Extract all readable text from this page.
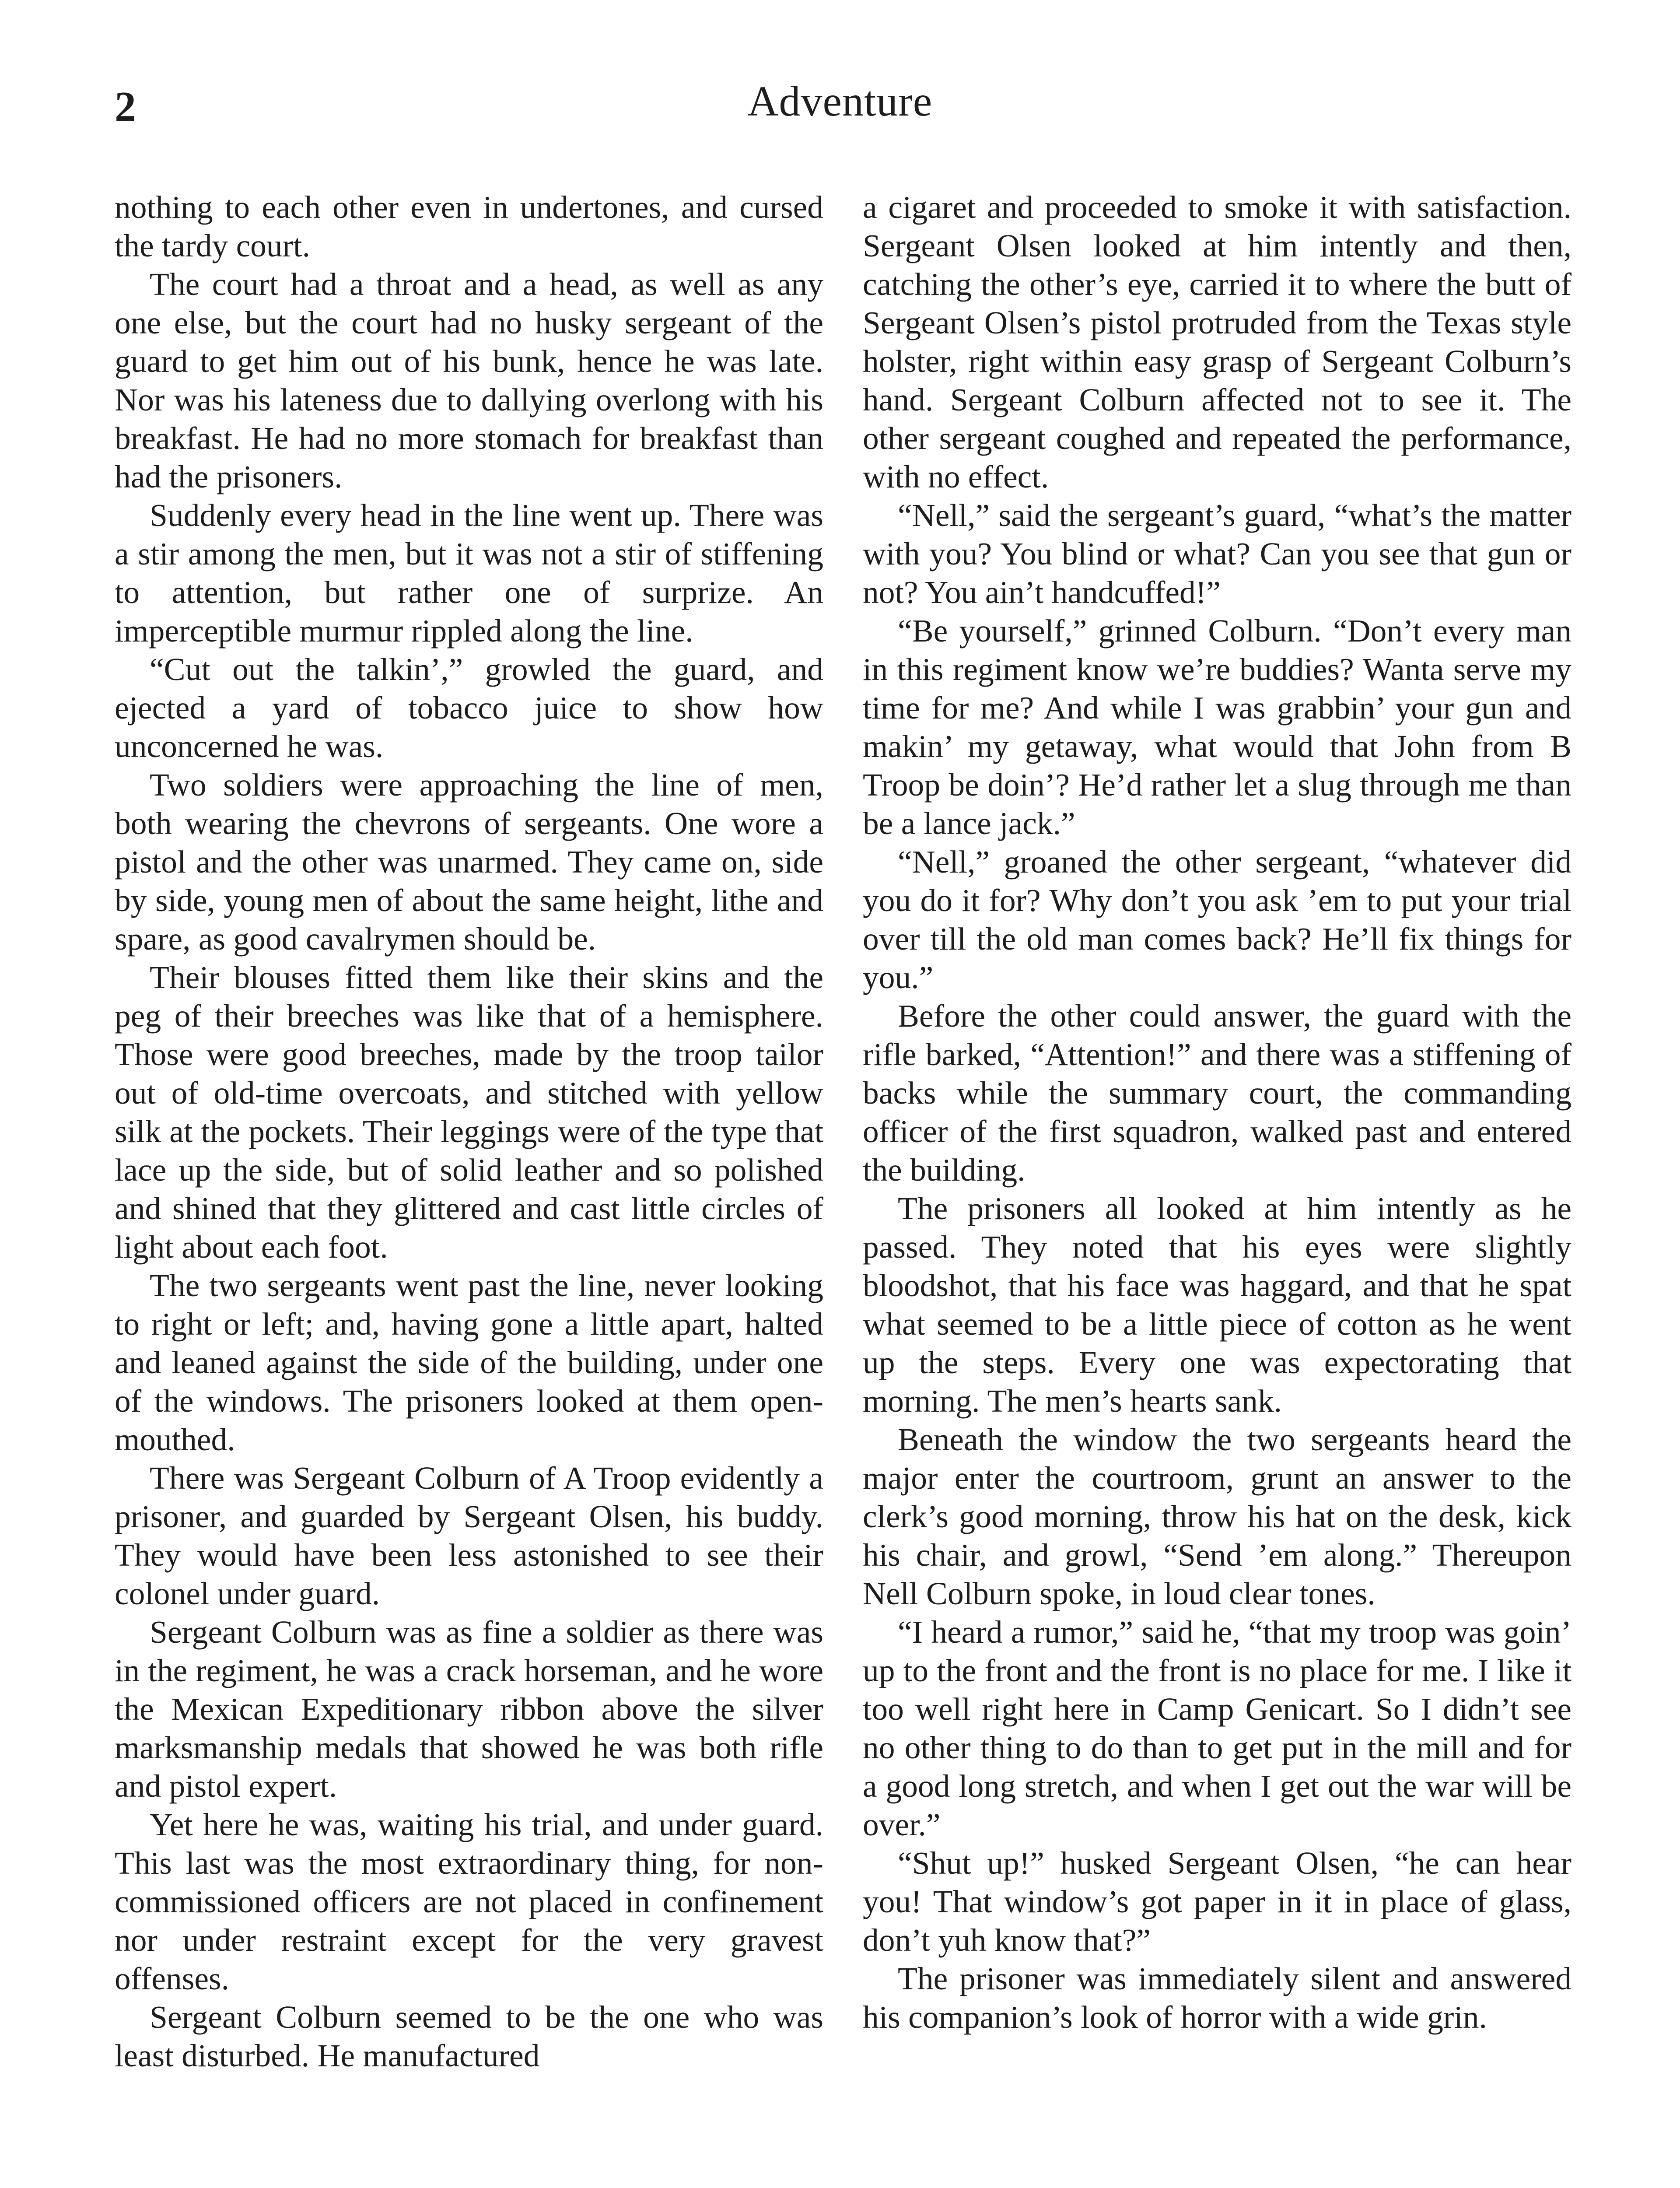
2	Adventure

nothing to each other even in undertones, and cursed the tardy court.

The court had a throat and a head, as well as any one else, but the court had no husky sergeant of the guard to get him out of his bunk, hence he was late. Nor was his lateness due to dallying overlong with his breakfast. He had no more stomach for breakfast than had the prisoners.

Suddenly every head in the line went up. There was a stir among the men, but it was not a stir of stiffening to attention, but rather one of surprize. An imperceptible murmur rippled along the line.

“Cut out the talkin’,” growled the guard, and ejected a yard of tobacco juice to show how unconcerned he was.

Two soldiers were approaching the line of men, both wearing the chevrons of sergeants. One wore a pistol and the other was unarmed. They came on, side by side, young men of about the same height, lithe and spare, as good cavalrymen should be.

Their blouses fitted them like their skins and the peg of their breeches was like that of a hemisphere. Those were good breeches, made by the troop tailor out of old-time overcoats, and stitched with yellow silk at the pockets. Their leggings were of the type that lace up the side, but of solid leather and so polished and shined that they glittered and cast little circles of light about each foot.

The two sergeants went past the line, never looking to right or left; and, having gone a little apart, halted and leaned against the side of the building, under one of the windows. The prisoners looked at them open-mouthed.

There was Sergeant Colburn of A Troop evidently a prisoner, and guarded by Sergeant Olsen, his buddy. They would have been less astonished to see their colonel under guard.

Sergeant Colburn was as fine a soldier as there was in the regiment, he was a crack horseman, and he wore the Mexican Expeditionary ribbon above the silver marksmanship medals that showed he was both rifle and pistol expert.

Yet here he was, waiting his trial, and under guard. This last was the most extraordinary thing, for non-commissioned officers are not placed in confinement nor under restraint except for the very gravest offenses.

Sergeant Colburn seemed to be the one who was least disturbed. He manufactured

a cigaret and proceeded to smoke it with satisfaction. Sergeant Olsen looked at him intently and then, catching the other’s eye, carried it to where the butt of Sergeant Olsen’s pistol protruded from the Texas style holster, right within easy grasp of Sergeant Colburn’s hand. Sergeant Colburn affected not to see it. The other sergeant coughed and repeated the performance, with no effect.

“Nell,” said the sergeant’s guard, “what’s the matter with you? You blind or what? Can you see that gun or not? You ain’t handcuffed!”

“Be yourself,” grinned Colburn. “Don’t every man in this regiment know we’re buddies? Wanta serve my time for me? And while I was grabbin’ your gun and makin’ my getaway, what would that John from B Troop be doin’? He’d rather let a slug through me than be a lance jack.”

“Nell,” groaned the other sergeant, “whatever did you do it for? Why don’t you ask ’em to put your trial over till the old man comes back? He’ll fix things for you.”

Before the other could answer, the guard with the rifle barked, “Attention!” and there was a stiffening of backs while the summary court, the commanding officer of the first squadron, walked past and entered the building.

The prisoners all looked at him intently as he passed. They noted that his eyes were slightly bloodshot, that his face was haggard, and that he spat what seemed to be a little piece of cotton as he went up the steps. Every one was expectorating that morning. The men’s hearts sank.

Beneath the window the two sergeants heard the major enter the courtroom, grunt an answer to the clerk’s good morning, throw his hat on the desk, kick his chair, and growl, “Send ’em along.” Thereupon Nell Colburn spoke, in loud clear tones.

“I heard a rumor,” said he, “that my troop was goin’ up to the front and the front is no place for me. I like it too well right here in Camp Genicart. So I didn’t see no other thing to do than to get put in the mill and for a good long stretch, and when I get out the war will be over.”

“Shut up!” husked Sergeant Olsen, “he can hear you! That window’s got paper in it in place of glass, don’t yuh know that?”

The prisoner was immediately silent and answered his companion’s look of horror with a wide grin.
